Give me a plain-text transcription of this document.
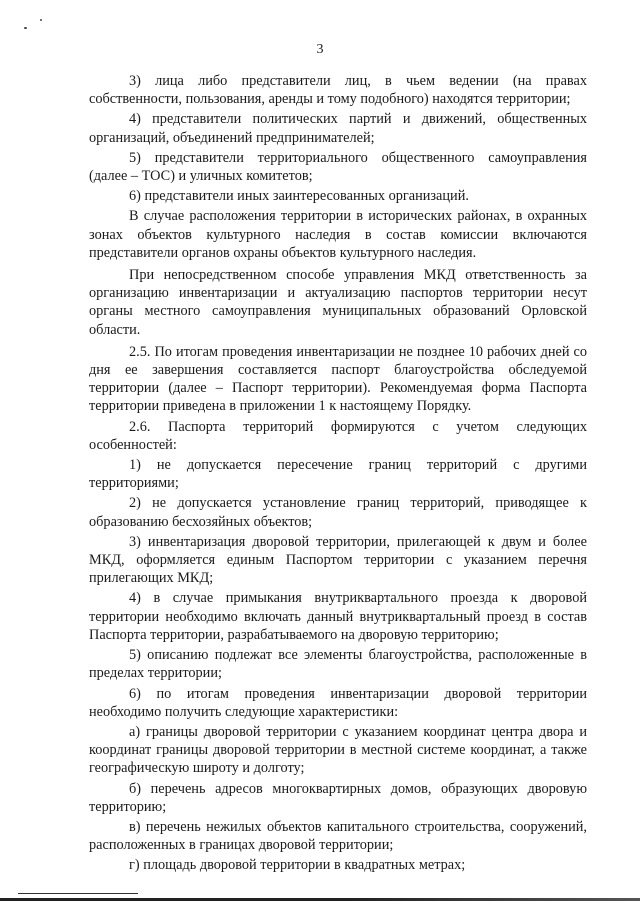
3

3) лица либо представители лиц, в чьем ведении (на правах собственности, пользования, аренды и тому подобного) находятся территории;

4) представители политических партий и движений, общественных организаций, объединений предпринимателей;

5) представители территориального общественного самоуправления (далее – ТОС) и уличных комитетов;

6) представители иных заинтересованных организаций.

В случае расположения территории в исторических районах, в охранных зонах объектов культурного наследия в состав комиссии включаются представители органов охраны объектов культурного наследия.

При непосредственном способе управления МКД ответственность за организацию инвентаризации и актуализацию паспортов территории несут органы местного самоуправления муниципальных образований Орловской области.

2.5. По итогам проведения инвентаризации не позднее 10 рабочих дней со дня ее завершения составляется паспорт благоустройства обследуемой территории (далее – Паспорт территории). Рекомендуемая форма Паспорта территории приведена в приложении 1 к настоящему Порядку.

2.6. Паспорта территорий формируются с учетом следующих особенностей:

1) не допускается пересечение границ территорий с другими территориями;

2) не допускается установление границ территорий, приводящее к образованию бесхозяйных объектов;

3) инвентаризация дворовой территории, прилегающей к двум и более МКД, оформляется единым Паспортом территории с указанием перечня прилегающих МКД;

4) в случае примыкания внутриквартального проезда к дворовой территории необходимо включать данный внутриквартальный проезд в состав Паспорта территории, разрабатываемого на дворовую территорию;

5) описанию подлежат все элементы благоустройства, расположенные в пределах территории;

6) по итогам проведения инвентаризации дворовой территории необходимо получить следующие характеристики:

а) границы дворовой территории с указанием координат центра двора и координат границы дворовой территории в местной системе координат, а также географическую широту и долготу;

б) перечень адресов многоквартирных домов, образующих дворовую территорию;

в) перечень нежилых объектов капитального строительства, сооружений, расположенных в границах дворовой территории;

г) площадь дворовой территории в квадратных метрах;
